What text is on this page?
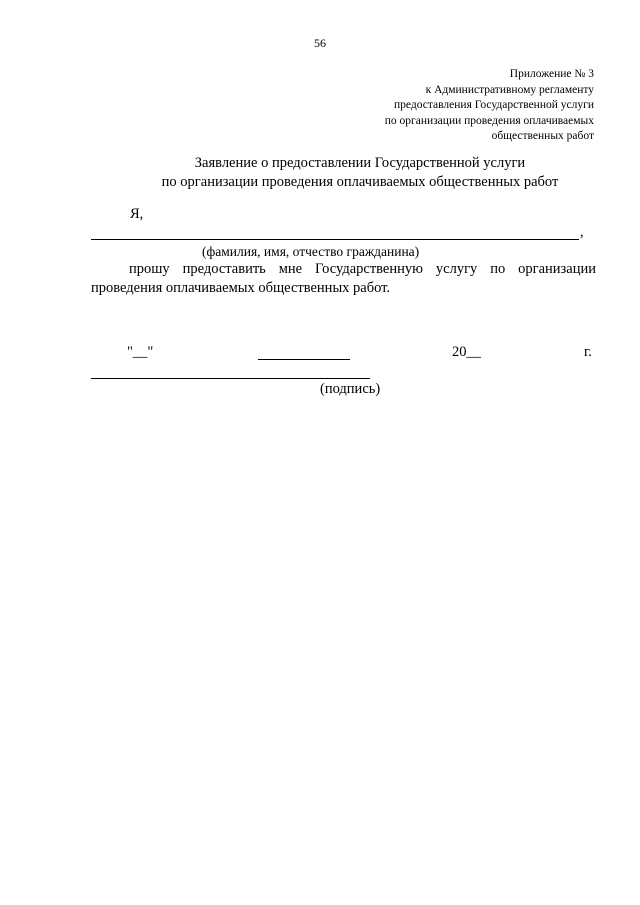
56
Приложение № 3
к Административному регламенту
предоставления Государственной услуги
по организации проведения оплачиваемых
общественных работ
Заявление о предоставлении Государственной услуги
по организации проведения оплачиваемых общественных работ
Я,
,
(фамилия, имя, отчество гражданина)
прошу предоставить мне Государственную услугу по организации
проведения оплачиваемых общественных работ.
"__"	20__	г.
(подпись)
